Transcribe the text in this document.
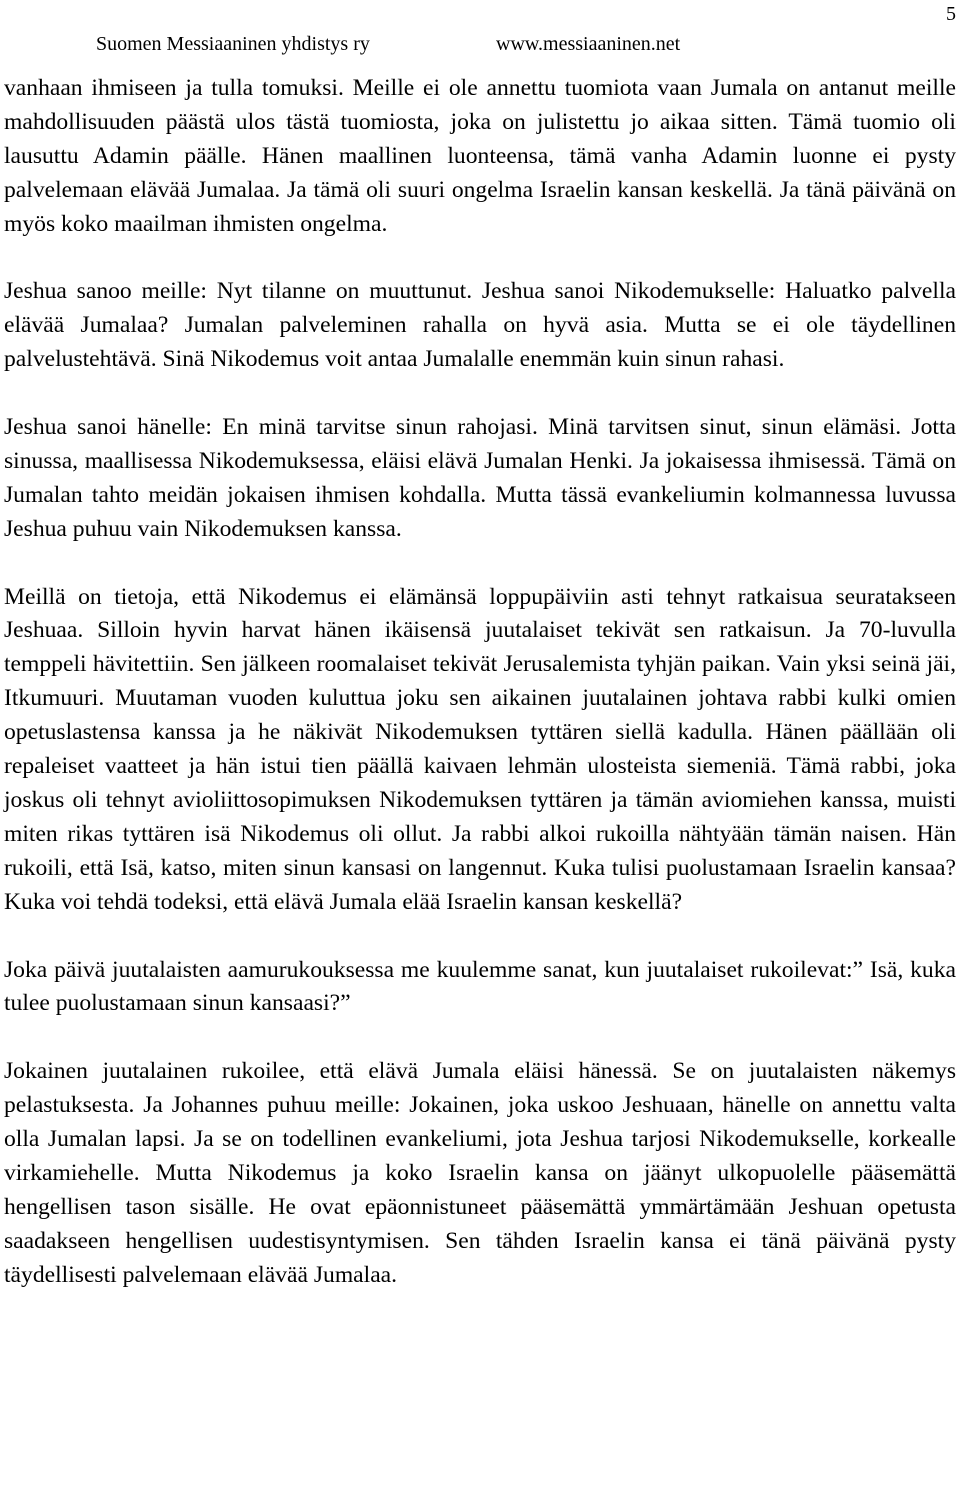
Suomen Messiaaninen yhdistys ry	www.messiaaninen.net
5

vanhaan ihmiseen ja tulla tomuksi. Meille ei ole annettu tuomiota vaan Jumala on antanut meille mahdollisuuden päästä ulos tästä tuomiosta, joka on julistettu jo aikaa sitten. Tämä tuomio oli lausuttu Adamin päälle. Hänen maallinen luonteensa, tämä vanha Adamin luonne ei pysty palvelemaan elävää Jumalaa. Ja tämä oli suuri ongelma Israelin kansan keskellä. Ja tänä päivänä on myös koko maailman ihmisten ongelma.

Jeshua sanoo meille: Nyt tilanne on muuttunut. Jeshua sanoi Nikodemukselle: Haluatko palvella elävää Jumalaa? Jumalan palveleminen rahalla on hyvä asia. Mutta se ei ole täydellinen palvelustehtävä. Sinä Nikodemus voit antaa Jumalalle enemmän kuin sinun rahasi.

Jeshua sanoi hänelle: En minä tarvitse sinun rahojasi. Minä tarvitsen sinut, sinun elämäsi. Jotta sinussa, maallisessa Nikodemuksessa, eläisi elävä Jumalan Henki. Ja jokaisessa ihmisessä. Tämä on Jumalan tahto meidän jokaisen ihmisen kohdalla. Mutta tässä evankeliumin kolmannessa luvussa Jeshua puhuu vain Nikodemuksen kanssa.

Meillä on tietoja, että Nikodemus ei elämänsä loppupäiviin asti tehnyt ratkaisua seuratakseen Jeshuaa. Silloin hyvin harvat hänen ikäisensä juutalaiset tekivät sen ratkaisun. Ja 70-luvulla temppeli hävitettiin. Sen jälkeen roomalaiset tekivät Jerusalemista tyhjän paikan. Vain yksi seinä jäi, Itkumuuri. Muutaman vuoden kuluttua joku sen aikainen juutalainen johtava rabbi kulki omien opetuslastensa kanssa ja he näkivät Nikodemuksen tyttären siellä kadulla. Hänen päällään oli repaleiset vaatteet ja hän istui tien päällä kaivaen lehmän ulosteista siemeniä. Tämä rabbi, joka joskus oli tehnyt avioliittosopimuksen Nikodemuksen tyttären ja tämän aviomiehen kanssa, muisti miten rikas tyttären isä Nikodemus oli ollut. Ja rabbi alkoi rukoilla nähtyään tämän naisen. Hän rukoili, että Isä, katso, miten sinun kansasi on langennut. Kuka tulisi puolustamaan Israelin kansaa? Kuka voi tehdä todeksi, että elävä Jumala elää Israelin kansan keskellä?

Joka päivä juutalaisten aamurukouksessa me kuulemme sanat, kun juutalaiset rukoilevat:” Isä, kuka tulee puolustamaan sinun kansaasi?”

Jokainen juutalainen rukoilee, että elävä Jumala eläisi hänessä. Se on juutalaisten näkemys pelastuksesta. Ja Johannes puhuu meille: Jokainen, joka uskoo Jeshuaan, hänelle on annettu valta olla Jumalan lapsi. Ja se on todellinen evankeliumi, jota Jeshua tarjosi Nikodemukselle, korkealle virkamiehelle. Mutta Nikodemus ja koko Israelin kansa on jäänyt ulkopuolelle pääsemättä hengellisen tason sisälle. He ovat epäonnistuneet pääsemättä ymmärtämään Jeshuan opetusta saadakseen hengellisen uudestisyntymisen. Sen tähden Israelin kansa ei tänä päivänä pysty täydellisesti palvelemaan elävää Jumalaa.
